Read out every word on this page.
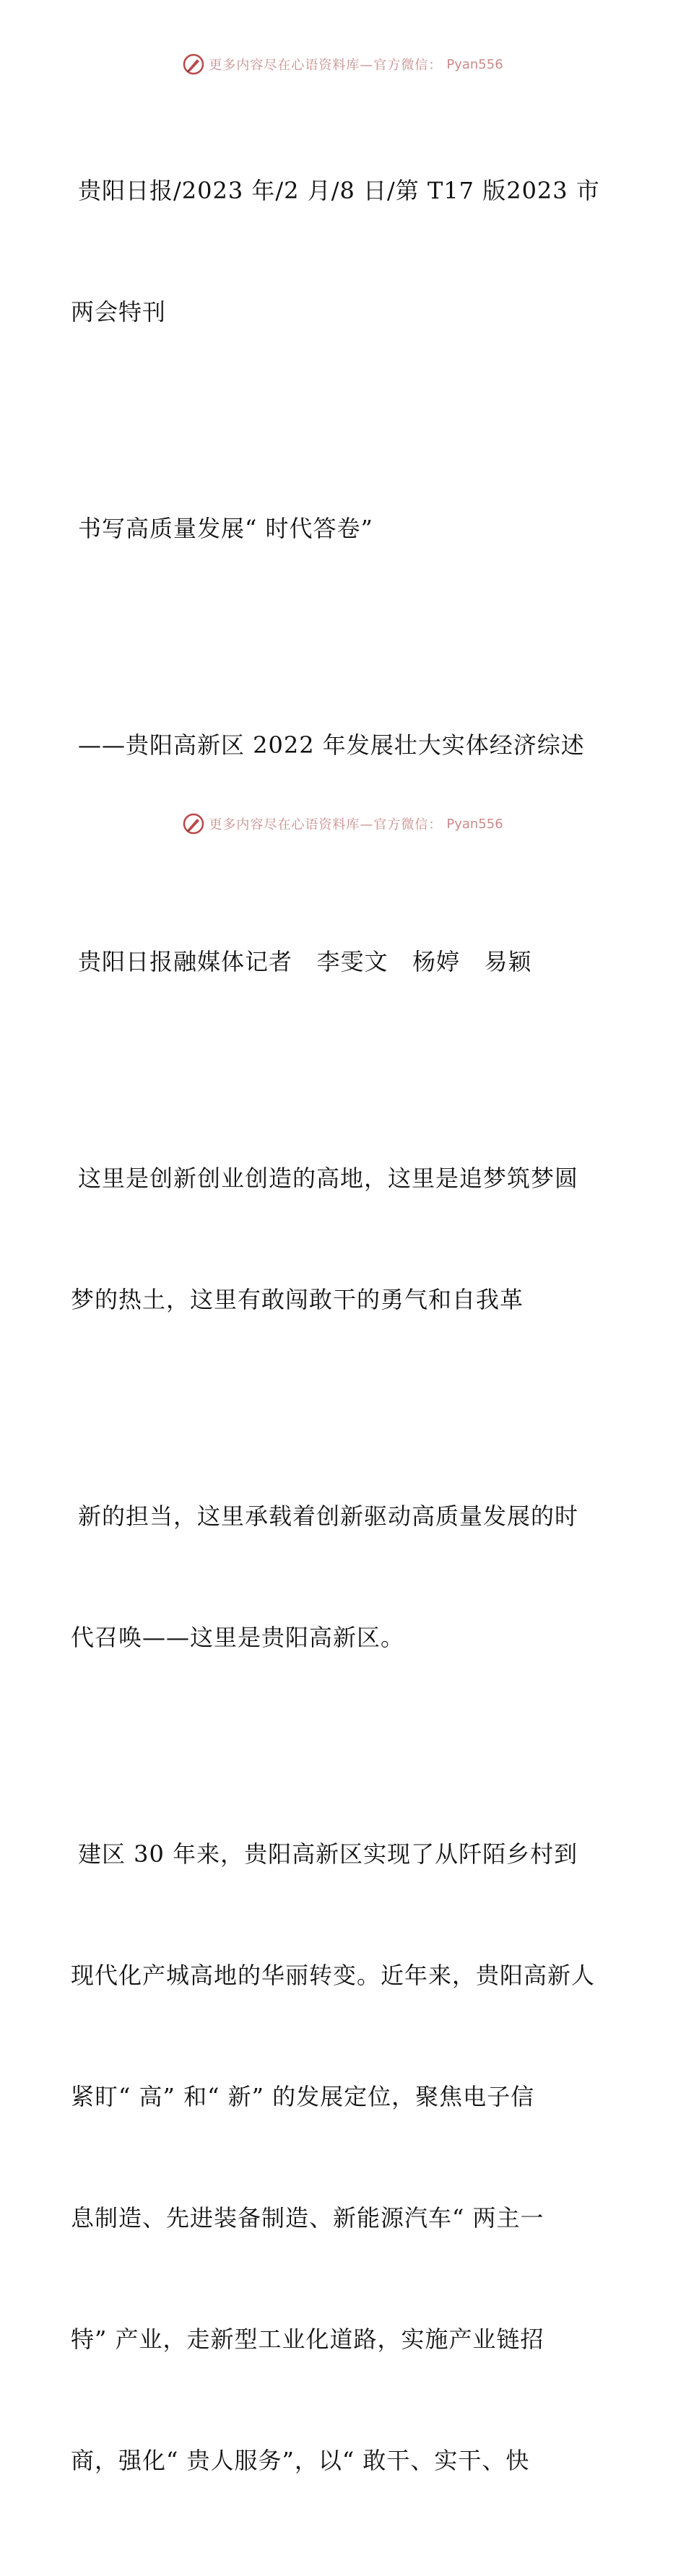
更多内容尽在心语资料库—官方微信： Pyan556

贵阳日报/2023 年/2 月/8 日/第 T17 版2023 市

两会特刊

书写高质量发展“ 时代答卷”

——贵阳高新区 2022 年发展壮大实体经济综述

贵阳日报融媒体记者   李雯文   杨婷   易颖

这里是创新创业创造的高地，这里是追梦筑梦圆

梦的热土，这里有敢闯敢干的勇气和自我革

新的担当，这里承载着创新驱动高质量发展的时

代召唤——这里是贵阳高新区。

建区 30 年来，贵阳高新区实现了从阡陌乡村到

现代化产城高地的华丽转变。近年来，贵阳高新人

紧盯“ 高” 和“ 新” 的发展定位，聚焦电子信

息制造、先进装备制造、新能源汽车“ 两主一

特” 产业，走新型工业化道路，实施产业链招

商，强化“ 贵人服务”，以“ 敢干、实干、快

更多内容尽在心语资料库—官方微信： Pyan556
